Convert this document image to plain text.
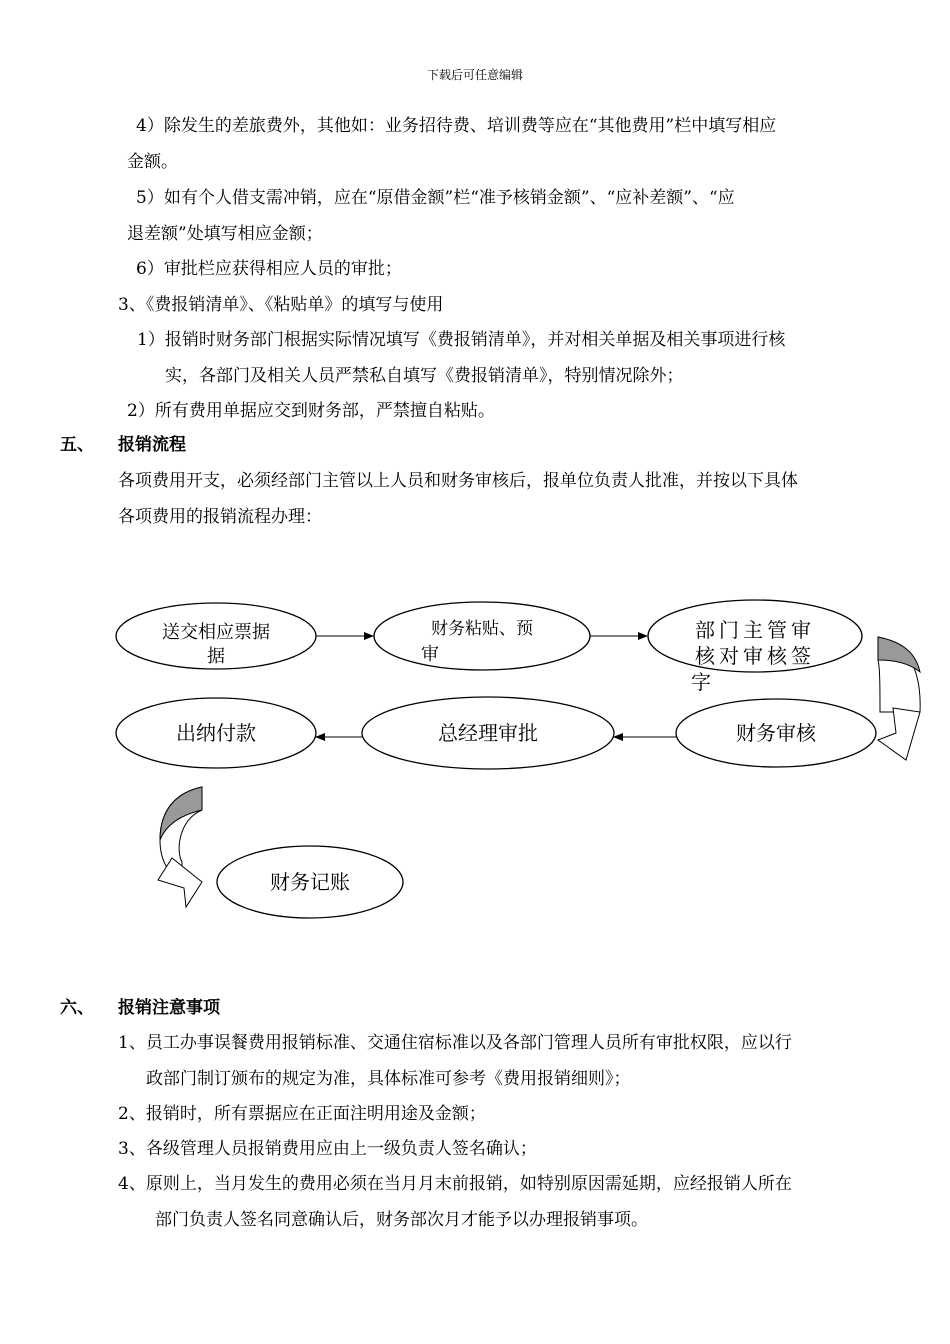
下载后可任意编辑
4）除发生的差旅费外，其他如：业务招待费、培训费等应在“其他费用”栏中填写相应
金额。
5）如有个人借支需冲销，应在“原借金额”栏“准予核销金额”、“应补差额”、“应
退差额”处填写相应金额；
6）审批栏应获得相应人员的审批；
3、《费报销清单》、《粘贴单》的填写与使用
1）报销时财务部门根据实际情况填写《费报销清单》，并对相关单据及相关事项进行核
实，各部门及相关人员严禁私自填写《费报销清单》，特别情况除外；
2）所有费用单据应交到财务部，严禁擅自粘贴。
五、 报销流程
各项费用开支，必须经部门主管以上人员和财务审核后，报单位负责人批准，并按以下具体
各项费用的报销流程办理：
送交相应票据
据
财务粘贴、预
审
部门主管审
核对审核签
字
财务审核
总经理审批
出纳付款
财务记账
六、 报销注意事项
1、员工办事误餐费用报销标准、交通住宿标准以及各部门管理人员所有审批权限，应以行
政部门制订颁布的规定为准，具体标准可参考《费用报销细则》；
2、报销时，所有票据应在正面注明用途及金额；
3、各级管理人员报销费用应由上一级负责人签名确认；
4、原则上，当月发生的费用必须在当月月末前报销，如特别原因需延期，应经报销人所在
部门负责人签名同意确认后，财务部次月才能予以办理报销事项。
